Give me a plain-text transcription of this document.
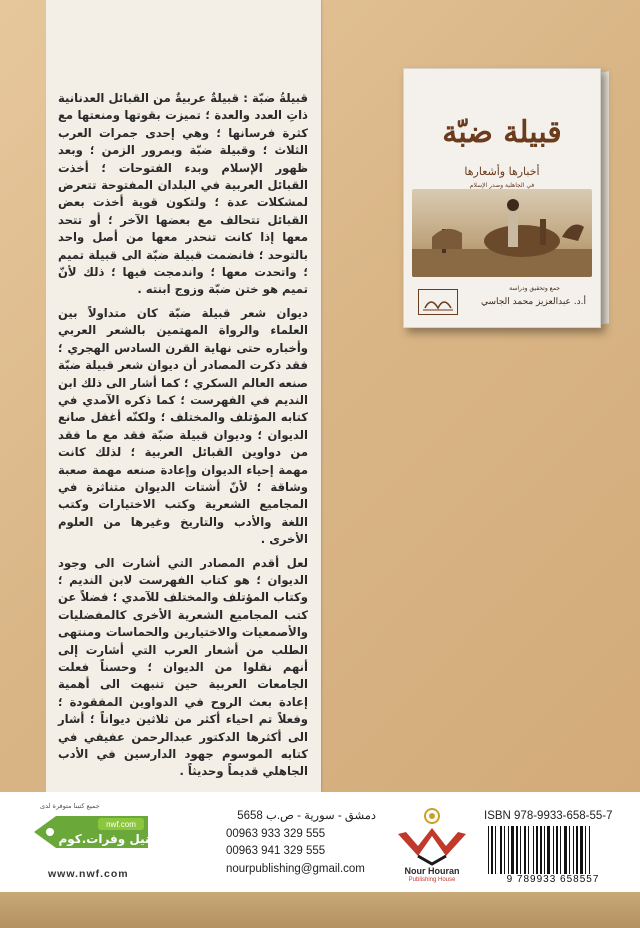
قبيلةُ ضبّة : قبيلةٌ عربيةٌ من القبائل العدنانية ذاتِ العدد والعدة ؛ تميزت بقوتها ومنعتها مع كثرة فرسانها ؛ وهي إحدى جمرات العرب الثلاث ؛ وقبيلة ضبّة وبمرور الزمن ؛ وبعد ظهور الإسلام وبدء الفتوحات ؛ أخذت القبائل العربية في البلدان المفتوحة تتعرض لمشكلات عدة ؛ ولتكون قوية أخذت بعض القبائل تتحالف مع بعضها الآخر ؛ أو تتحد معها إذا كانت تنحدر معها من أصل واحد بالتوحد ؛ فانضمت قبيلة ضبّة الى قبيلة تميم ؛ واتحدت معها ؛ واندمجت فيها ؛ ذلك لأنّ تميم هو ختن ضبّة وزوج ابنته .

ديوان شعر قبيلة ضبّة كان متداولاً بين العلماء والرواة المهتمين بالشعر العربي وأخباره حتى نهاية القرن السادس الهجري ؛ فقد ذكرت المصادر أن ديوان شعر قبيلة ضبّة صنعه العالم السكري ؛ كما أشار الى ذلك ابن النديم في الفهرست ؛ كما ذكره الآمدي في كتابه المؤتلف والمختلف ؛ ولكنّه أغفل صانع الديوان ؛ وديوان قبيلة ضبّة فقد مع ما فقد من دواوين القبائل العربية ؛ لذلك كانت مهمة إحياء الديوان وإعادة صنعه مهمة صعبة وشاقة ؛ لأنّ أشتات الديوان متناثرة في المجاميع الشعرية وكتب الاختيارات وكتب اللغة والأدب والتاريخ وغيرها من العلوم الأخرى .

لعل أقدم المصادر التي أشارت الى وجود الديوان ؛ هو كتاب الفهرست لابن النديم ؛ وكتاب المؤتلف والمختلف للآمدي ؛ فضلاً عن كتب المجاميع الشعرية الأخرى كالمفضليات والأصمعيات والاختيارين والحماسات ومنتهى الطلب من أشعار العرب التي أشارت إلى أنهم نقلوا من الديوان ؛ وحسناً فعلت الجامعات العربية حين تنبهت الى أهمية إعادة بعث الروح في الدواوين المفقودة ؛ وفعلاً تم احياء أكثر من ثلاثين ديواناً ؛ أشار الى أكثرها الدكتور عبدالرحمن عفيفي في كتابه الموسوم جهود الدارسين في الأدب الجاهلي قديماً وحديثاً .

قبيلة ضبّة
أخبارها وأشعارها
في الجاهلية وصدر الإسلام
جمع وتحقيق ودراسة
أ.د. عبدالعزيز محمد الجاسي
جميع كتبنا متوفرة لدى
nwf.com
نيل وفرات.كوم
www.nwf.com
دمشق - سورية - ص.ب 5658
00963 933 329 555
00963 941 329 555
nourpublishing@gmail.com	Nour Houran
Publishing House
ISBN 978-9933-658-55-7
9 789933 658557
